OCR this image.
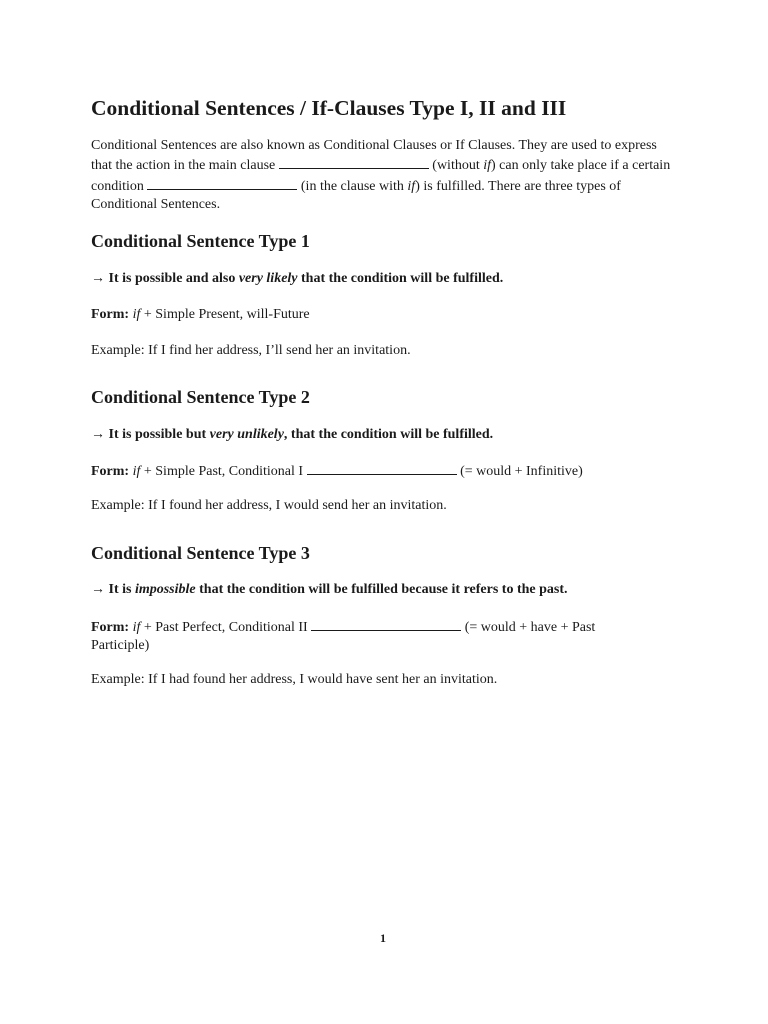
Conditional Sentences / If-Clauses Type I, II and III

Conditional Sentences are also known as Conditional Clauses or If Clauses. They are used to express that the action in the main clause	(without if) can only take place if a certain condition	(in the clause with if) is fulfilled. There are three types of Conditional Sentences.

Conditional Sentence Type 1

→ It is possible and also very likely that the condition will be fulfilled.

Form: if + Simple Present, will-Future

Example: If I find her address, I’ll send her an invitation.

Conditional Sentence Type 2

→ It is possible but very unlikely, that the condition will be fulfilled.

Form: if + Simple Past, Conditional I	(= would + Infinitive)

Example: If I found her address, I would send her an invitation.

Conditional Sentence Type 3

→ It is impossible that the condition will be fulfilled because it refers to the past.

Form: if + Past Perfect, Conditional II	(= would + have + Past Participle)

Example: If I had found her address, I would have sent her an invitation.

1
